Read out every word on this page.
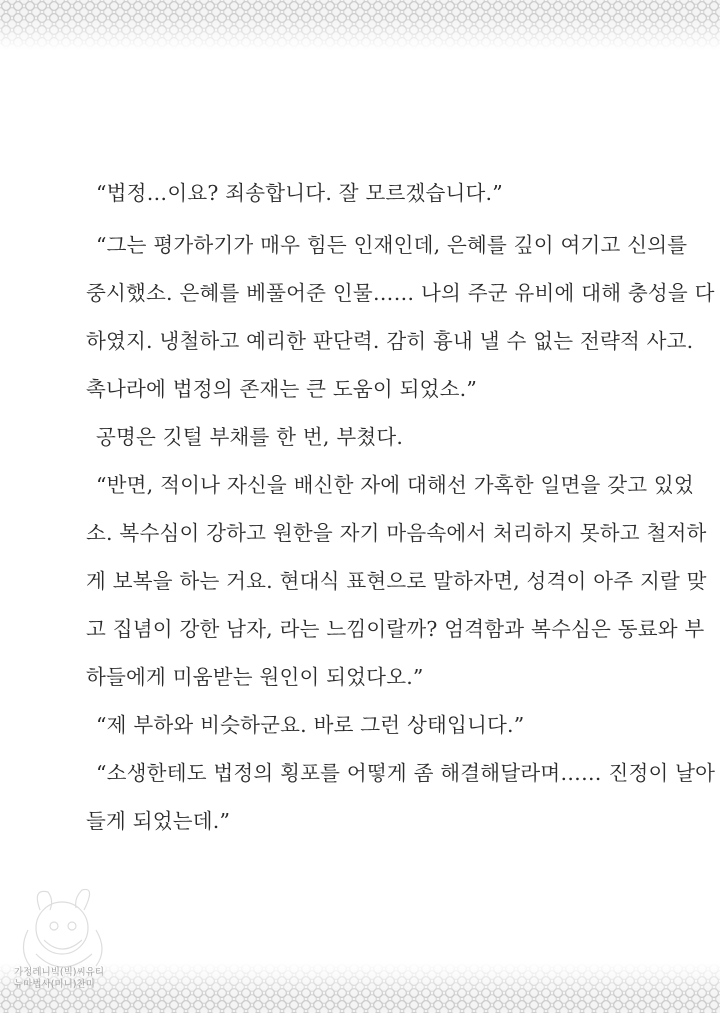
“법정…이요? 죄송합니다. 잘 모르겠습니다.”
“그는 평가하기가 매우 힘든 인재인데, 은혜를 깊이 여기고 신의를
중시했소. 은혜를 베풀어준 인물…… 나의 주군 유비에 대해 충성을 다
하였지. 냉철하고 예리한 판단력. 감히 흉내 낼 수 없는 전략적 사고.
촉나라에 법정의 존재는 큰 도움이 되었소.”
공명은 깃털 부채를 한 번, 부쳤다.
“반면, 적이나 자신을 배신한 자에 대해선 가혹한 일면을 갖고 있었
소. 복수심이 강하고 원한을 자기 마음속에서 처리하지 못하고 철저하
게 보복을 하는 거요. 현대식 표현으로 말하자면, 성격이 아주 지랄 맞
고 집념이 강한 남자, 라는 느낌이랄까? 엄격함과 복수심은 동료와 부
하들에게 미움받는 원인이 되었다오.”
“제 부하와 비슷하군요. 바로 그런 상태입니다.”
“소생한테도 법정의 횡포를 어떻게 좀 해결해달라며…… 진정이 날아
들게 되었는데.”
가정레니빅(빅)씨유티
뉴마법사(미니)찬미
